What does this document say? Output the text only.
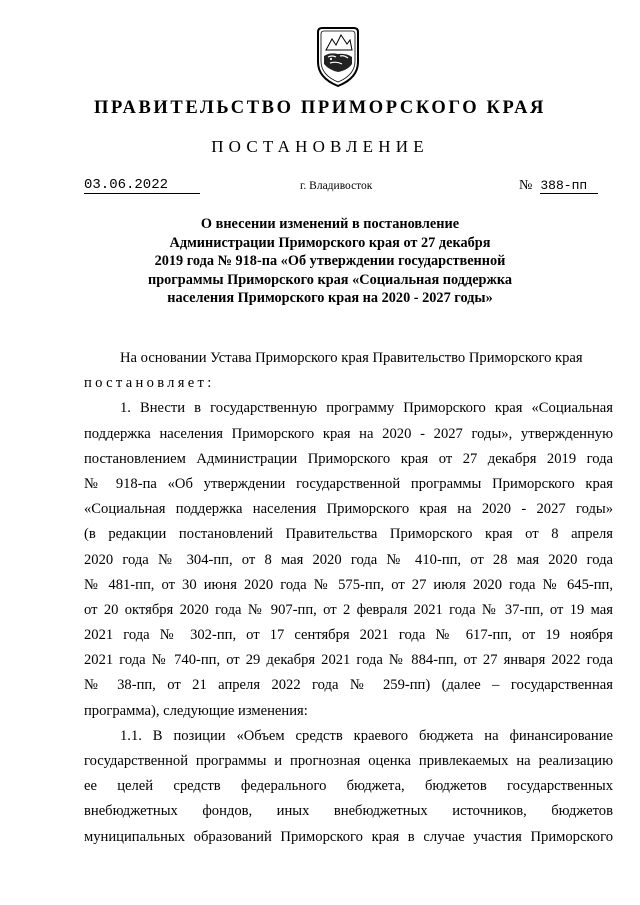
ПРАВИТЕЛЬСТВО ПРИМОРСКОГО КРАЯ
ПОСТАНОВЛЕНИЕ
03.06.2022	г. Владивосток	№ 388-пп
О внесении изменений в постановление
Администрации Приморского края от 27 декабря
2019 года № 918-па «Об утверждении государственной
программы Приморского края «Социальная поддержка
населения Приморского края на 2020 - 2027 годы»
На основании Устава Приморского края Правительство Приморского края
постановляет:
1. Внести в государственную программу Приморского края «Социальная
поддержка населения Приморского края на 2020 - 2027 годы», утвержденную
постановлением Администрации Приморского края от 27 декабря 2019 года
№ 918-па «Об утверждении государственной программы Приморского края
«Социальная поддержка населения Приморского края на 2020 - 2027 годы»
(в редакции постановлений Правительства Приморского края от 8 апреля
2020 года № 304-пп, от 8 мая 2020 года № 410-пп, от 28 мая 2020 года
№ 481-пп, от 30 июня 2020 года № 575-пп, от 27 июля 2020 года № 645-пп,
от 20 октября 2020 года № 907-пп, от 2 февраля 2021 года № 37-пп, от 19 мая
2021 года № 302-пп, от 17 сентября 2021 года № 617-пп, от 19 ноября
2021 года № 740-пп, от 29 декабря 2021 года № 884-пп, от 27 января 2022 года
№ 38-пп, от 21 апреля 2022 года № 259-пп) (далее – государственная
программа), следующие изменения:
1.1. В позиции «Объем средств краевого бюджета на финансирование
государственной программы и прогнозная оценка привлекаемых на реализацию
ее целей средств федерального бюджета, бюджетов государственных
внебюджетных фондов, иных внебюджетных источников, бюджетов
муниципальных образований Приморского края в случае участия Приморского
